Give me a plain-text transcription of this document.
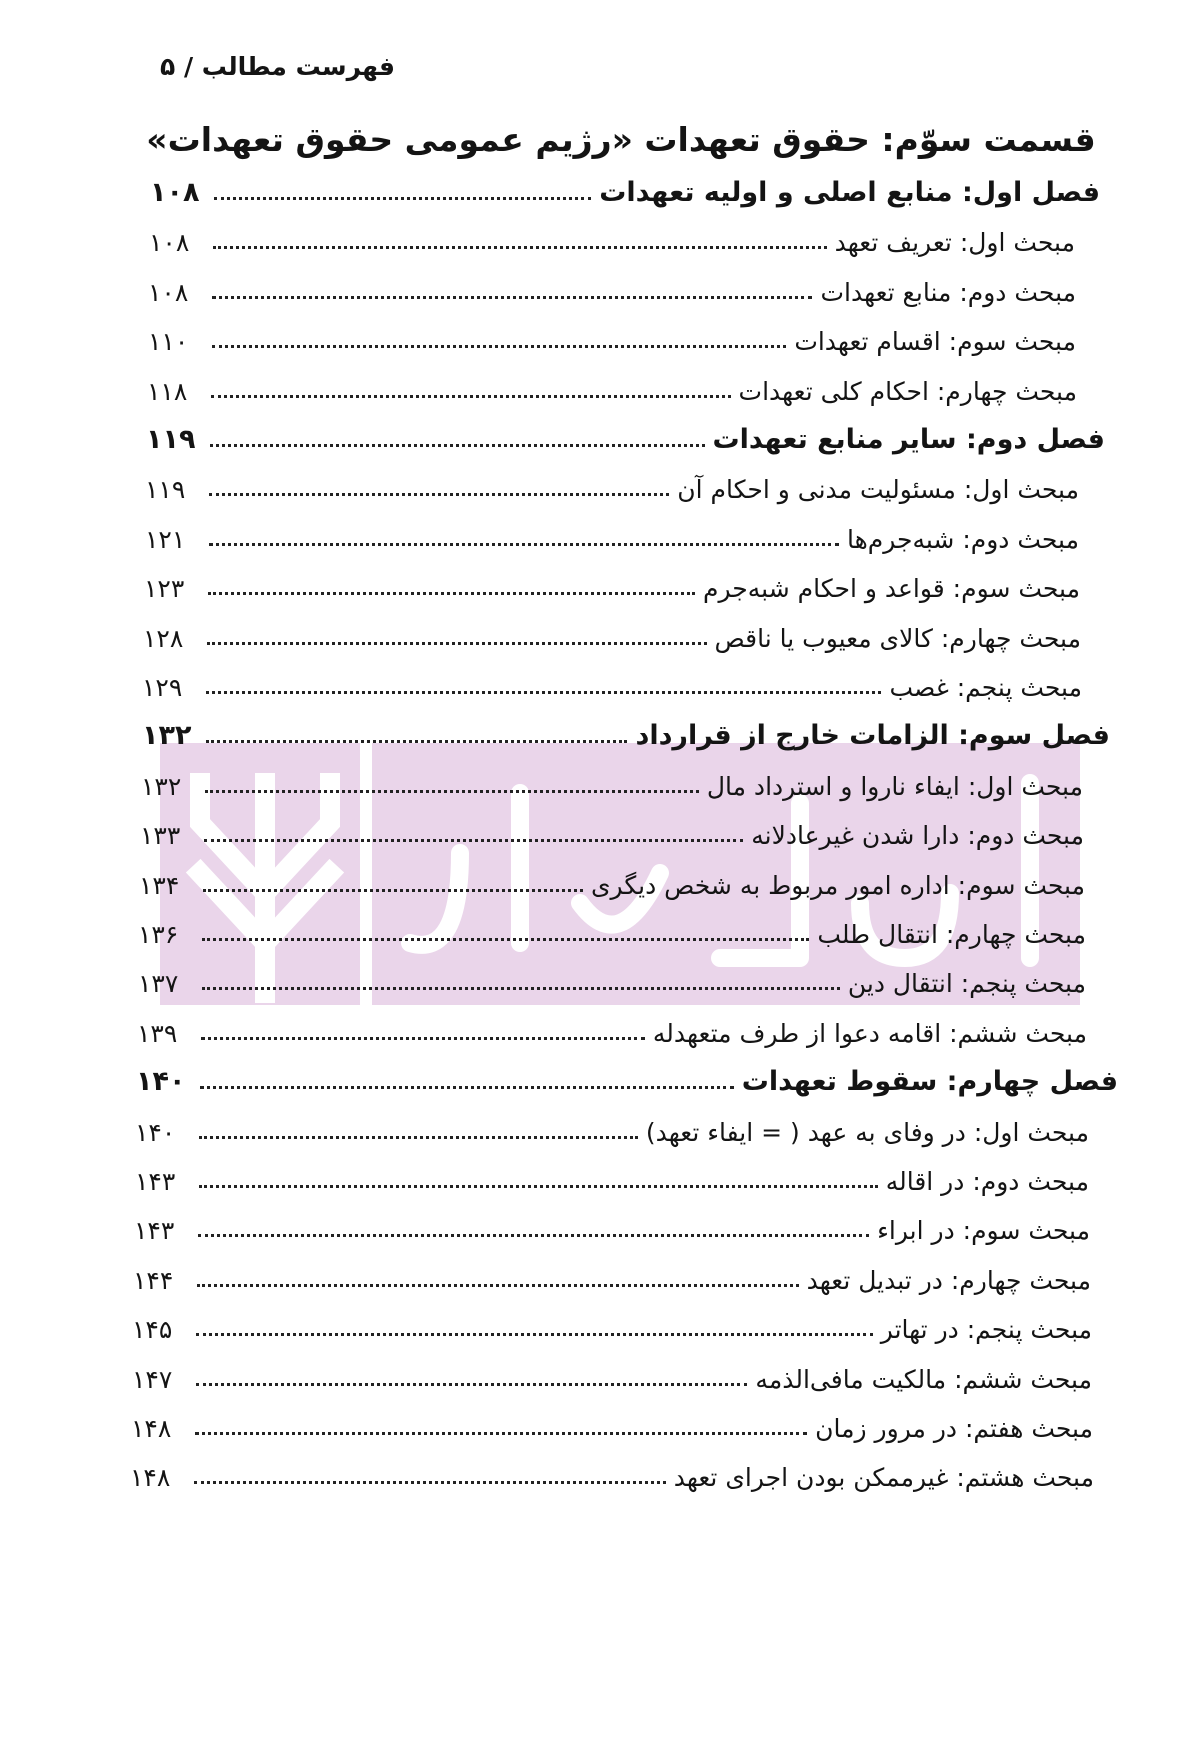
فهرست مطالب / ۵
قسمت سوّم: حقوق تعهدات «رژیم عمومی حقوق تعهدات»
فصل اول: منابع اصلی و اولیه تعهدات
۱۰۸
مبحث اول: تعریف تعهد
۱۰۸
مبحث دوم: منابع تعهدات
۱۰۸
مبحث سوم: اقسام تعهدات
۱۱۰
مبحث چهارم: احکام کلی تعهدات
۱۱۸
فصل دوم: سایر منابع تعهدات
۱۱۹
مبحث اول: مسئولیت مدنی و احکام آن
۱۱۹
مبحث دوم: شبه‌جرم‌ها
۱۲۱
مبحث سوم: قواعد و احکام شبه‌جرم
۱۲۳
مبحث چهارم: کالای معیوب یا ناقص
۱۲۸
مبحث پنجم: غصب
۱۲۹
فصل سوم: الزامات خارج از قرارداد
۱۳۲
مبحث اول: ایفاء ناروا و استرداد مال
۱۳۲
مبحث دوم: دارا شدن غیرعادلانه
۱۳۳
مبحث سوم: اداره امور مربوط به شخص دیگری
۱۳۴
مبحث چهارم: انتقال طلب
۱۳۶
مبحث پنجم: انتقال دین
۱۳۷
مبحث ششم: اقامه دعوا از طرف متعهدله
۱۳۹
فصل چهارم: سقوط تعهدات
۱۴۰
مبحث اول: در وفای به عهد ( = ایفاء تعهد)
۱۴۰
مبحث دوم: در اقاله
۱۴۳
مبحث سوم: در ابراء
۱۴۳
مبحث چهارم: در تبدیل تعهد
۱۴۴
مبحث پنجم: در تهاتر
۱۴۵
مبحث ششم: مالکیت مافی‌الذمه
۱۴۷
مبحث هفتم: در مرور زمان
۱۴۸
مبحث هشتم: غیرممکن بودن اجرای تعهد
۱۴۸
